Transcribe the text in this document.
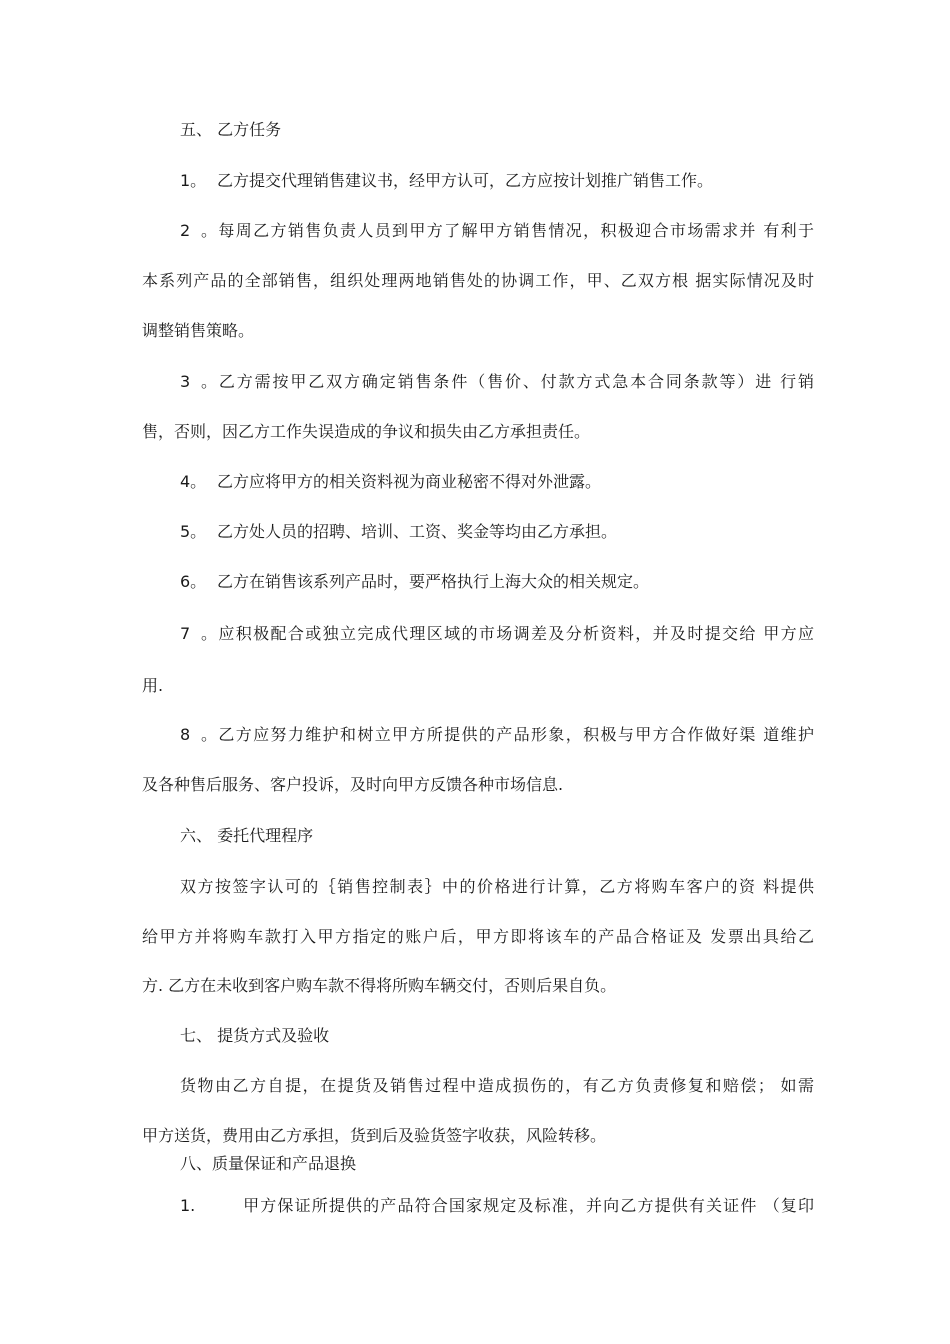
五、 乙方任务
1。 乙方提交代理销售建议书，经甲方认可，乙方应按计划推广销售工作。
2。每周乙方销售负责人员到甲方了解甲方销售情况，积极迎合市场需求并 有利于
本系列产品的全部销售，组织处理两地销售处的协调工作，甲、乙双方根 据实际情况及时
调整销售策略。
3。乙方需按甲乙双方确定销售条件（售价、付款方式急本合同条款等）进 行销
售，否则，因乙方工作失误造成的争议和损失由乙方承担责任。
4。 乙方应将甲方的相关资料视为商业秘密不得对外泄露。
5。 乙方处人员的招聘、培训、工资、奖金等均由乙方承担。
6。 乙方在销售该系列产品时，要严格执行上海大众的相关规定。
7。应积极配合或独立完成代理区域的市场调差及分析资料，并及时提交给 甲方应
用.
8。乙方应努力维护和树立甲方所提供的产品形象，积极与甲方合作做好渠 道维护
及各种售后服务、客户投诉，及时向甲方反馈各种市场信息.
六、 委托代理程序
双方按签字认可的｛销售控制表｝中的价格进行计算，乙方将购车客户的资 料提供
给甲方并将购车款打入甲方指定的账户后，甲方即将该车的产品合格证及 发票出具给乙
方. 乙方在未收到客户购车款不得将所购车辆交付，否则后果自负。
七、 提货方式及验收
货物由乙方自提，在提货及销售过程中造成损伤的，有乙方负责修复和赔偿； 如需
甲方送货，费用由乙方承担，货到后及验货签字收获，风险转移。
八、质量保证和产品退换
1.	甲方保证所提供的产品符合国家规定及标准，并向乙方提供有关证件 （复印
